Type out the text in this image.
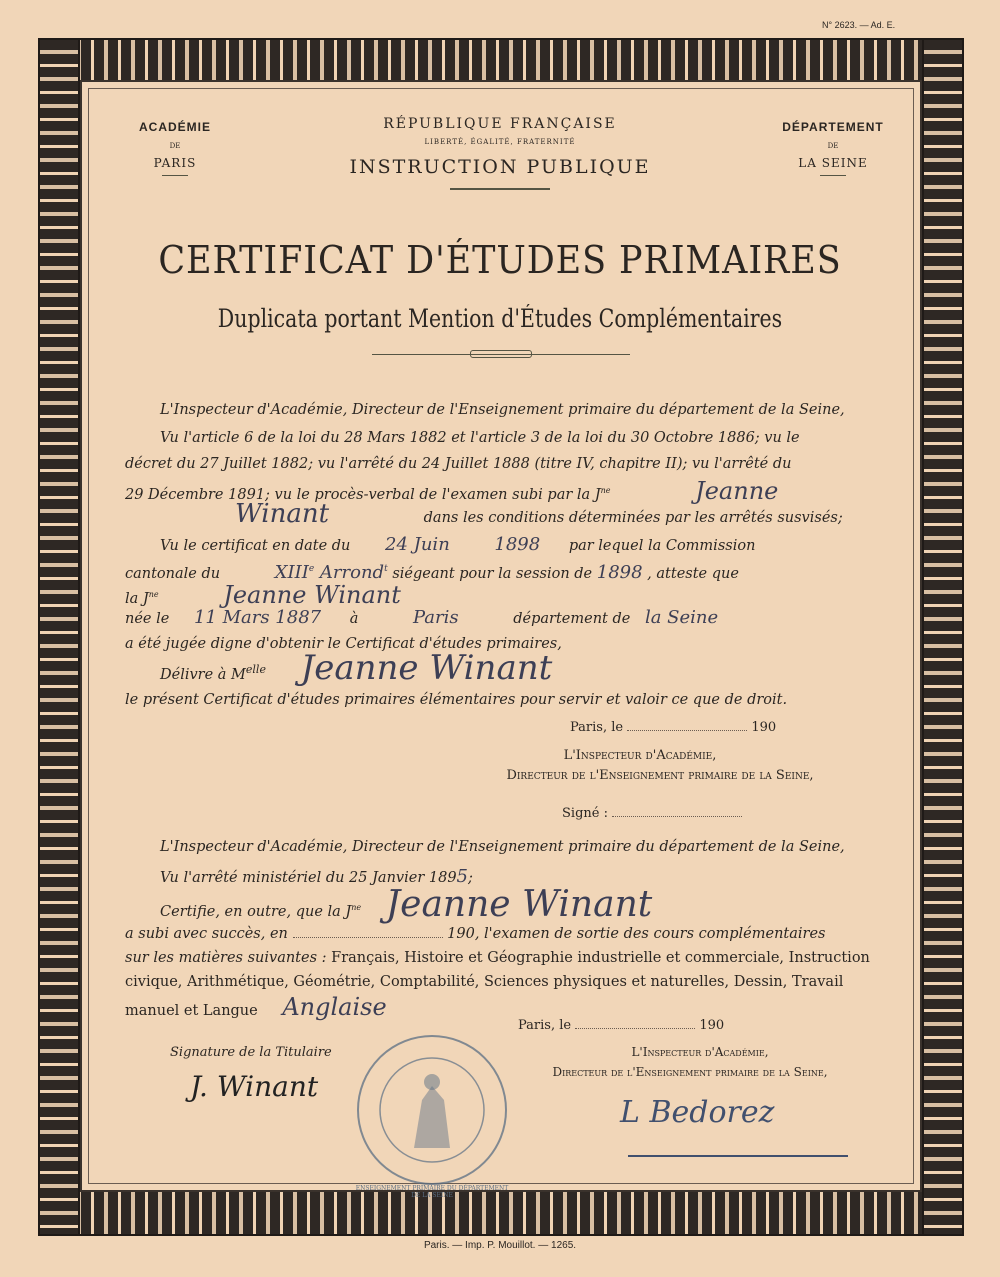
N° 2623. — Ad. E.
ACADÉMIE
DE
PARIS
DÉPARTEMENT
DE
LA SEINE
RÉPUBLIQUE FRANÇAISE
LIBERTÉ, ÉGALITÉ, FRATERNITÉ
INSTRUCTION PUBLIQUE
CERTIFICAT D'ÉTUDES PRIMAIRES
Duplicata portant Mention d'Études Complémentaires
L'Inspecteur d'Académie, Directeur de l'Enseignement primaire du département de la Seine,
Vu l'article 6 de la loi du 28 Mars 1882 et l'article 3 de la loi du 30 Octobre 1886; vu le
décret du 27 Juillet 1882; vu l'arrêté du 24 Juillet 1888 (titre IV, chapitre II); vu l'arrêté du
29 Décembre 1891; vu le procès-verbal de l'examen subi par la $J^{ne}$	Jeanne
Winant	dans les conditions déterminées par les arrêtés susvisés;
Vu le certificat en date du 24 Juin 1898 par lequel la Commission
cantonale du	XIIIe Arrond$^t$ siégeant pour la session de 1898 , atteste que
la $J^{ne}$	Jeanne Winant
née le 11 Mars 1887 à	Paris	département de la Seine
a été jugée digne d'obtenir le Certificat d'études primaires,
Délivre à $M^{elle}$ Jeanne Winant
le présent Certificat d'études primaires élémentaires pour servir et valoir ce que de droit.
Paris, le	190
L'Inspecteur d'Académie,
Directeur de l'Enseignement primaire de la Seine,
Signé :
L'Inspecteur d'Académie, Directeur de l'Enseignement primaire du département de la Seine,
Vu l'arrêté ministériel du 25 Janvier 1895;
Certifie, en outre, que la $J^{ne}$ Jeanne Winant
a subi avec succès, en	190, l'examen de sortie des cours complémentaires
sur les matières suivantes : Français, Histoire et Géographie industrielle et commerciale, Instruction
civique, Arithmétique, Géométrie, Comptabilité, Sciences physiques et naturelles, Dessin, Travail
manuel et Langue Anglaise
Paris, le	190
Signature de la Titulaire
J. Winant
L'Inspecteur d'Académie,
Directeur de l'Enseignement primaire de la Seine,
L Bedorez
ENSEIGNEMENT PRIMAIRE DU DÉPARTEMENT DE LA SEINE
Paris. — Imp. P. Mouillot. — 1265.
